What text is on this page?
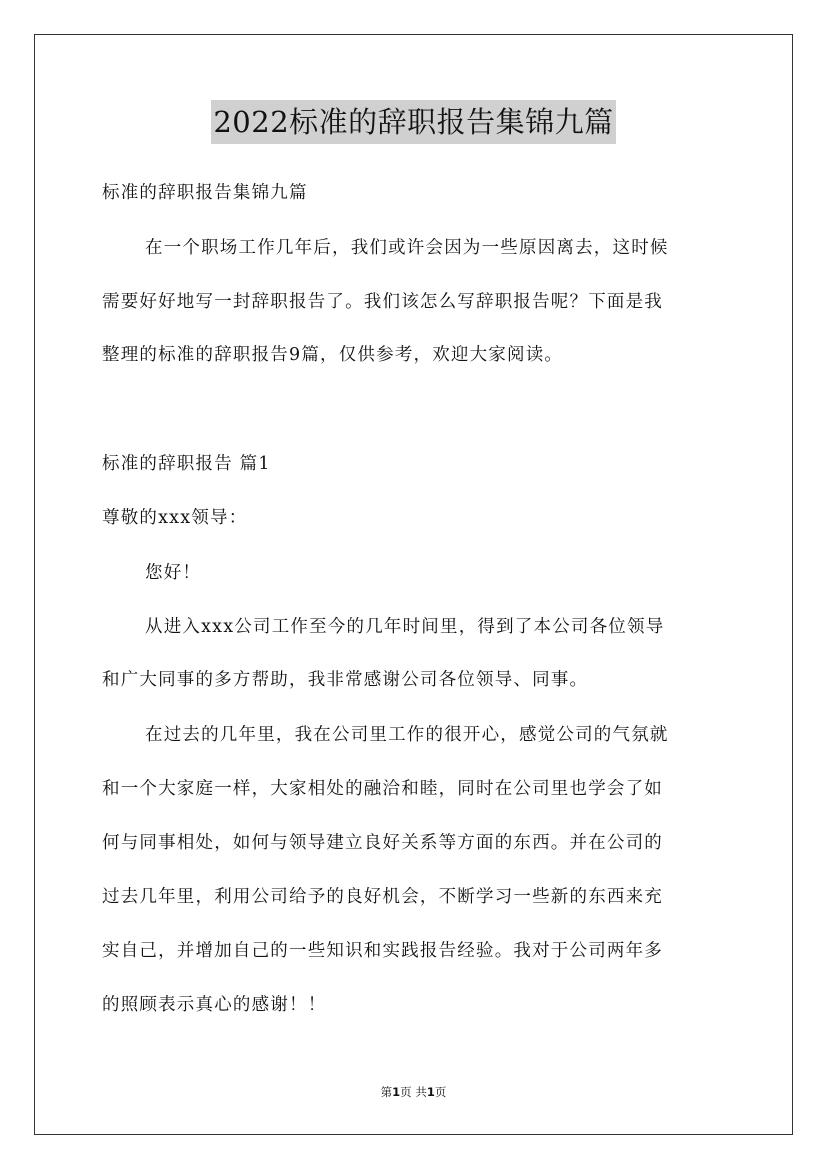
2022标准的辞职报告集锦九篇
标准的辞职报告集锦九篇
在一个职场工作几年后，我们或许会因为一些原因离去，这时候
需要好好地写一封辞职报告了。我们该怎么写辞职报告呢？下面是我
整理的标准的辞职报告9篇，仅供参考，欢迎大家阅读。
标准的辞职报告 篇1
尊敬的xxx领导：
您好！
从进入xxx公司工作至今的几年时间里，得到了本公司各位领导
和广大同事的多方帮助，我非常感谢公司各位领导、同事。
在过去的几年里，我在公司里工作的很开心，感觉公司的气氛就
和一个大家庭一样，大家相处的融洽和睦，同时在公司里也学会了如
何与同事相处，如何与领导建立良好关系等方面的东西。并在公司的
过去几年里，利用公司给予的良好机会，不断学习一些新的东西来充
实自己，并增加自己的一些知识和实践报告经验。我对于公司两年多
的照顾表示真心的感谢！！
第1页 共1页
